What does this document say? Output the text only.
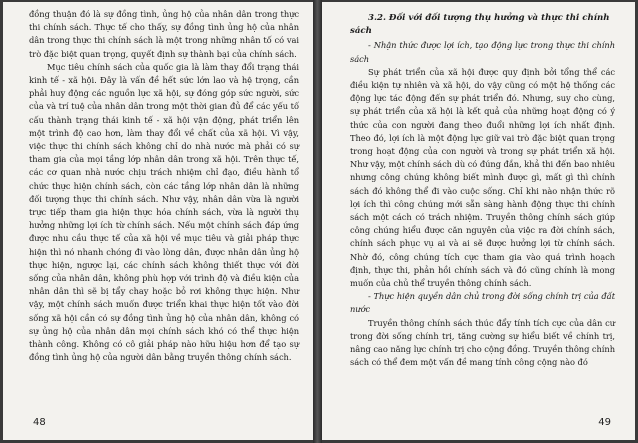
đồng thuận đó là sự đồng tình, ủng hộ của nhân dân trong thực thi chính sách. Thực tế cho thấy, sự đồng tình ủng hộ của nhân dân trong thực thi chính sách là một trong những nhân tố có vai trò đặc biệt quan trọng, quyết định sự thành bại của chính sách.

Mục tiêu chính sách của quốc gia là làm thay đổi trạng thái kinh tế - xã hội. Đây là vấn đề hết sức lớn lao và hệ trọng, cần phải huy động các nguồn lực xã hội, sự đóng góp sức người, sức của và trí tuệ của nhân dân trong một thời gian đủ để các yếu tố cấu thành trạng thái kinh tế - xã hội vận động, phát triển lên một trình độ cao hơn, làm thay đổi về chất của xã hội. Vì vậy, việc thực thi chính sách không chỉ do nhà nước mà phải có sự tham gia của mọi tầng lớp nhân dân trong xã hội. Trên thực tế, các cơ quan nhà nước chịu trách nhiệm chỉ đạo, điều hành tổ chức thực hiện chính sách, còn các tầng lớp nhân dân là những đối tượng thực thi chính sách. Như vậy, nhân dân vừa là người trực tiếp tham gia hiện thực hóa chính sách, vừa là người thụ hưởng những lợi ích từ chính sách. Nếu một chính sách đáp ứng được nhu cầu thực tế của xã hội về mục tiêu và giải pháp thực hiện thì nó nhanh chóng đi vào lòng dân, được nhân dân ủng hộ thực hiện, ngược lại, các chính sách không thiết thực với đời sống của nhân dân, không phù hợp với trình độ và điều kiện của nhân dân thì sẽ bị tẩy chay hoặc bỏ rơi không thực hiện. Như vậy, một chính sách muốn được triển khai thực hiện tốt vào đời sống xã hội cần có sự đồng tình ủng hộ của nhân dân, không có sự ủng hộ của nhân dân mọi chính sách khó có thể thực hiện thành công. Không có cô giải pháp nào hữu hiệu hơn để tạo sự đồng tình ủng hộ của người dân bằng truyền thông chính sách.

48

3.2. Đối với đối tượng thụ hưởng và thực thi chính sách

- Nhận thức được lợi ích, tạo động lực trong thực thi chính sách

Sự phát triển của xã hội được quy định bởi tổng thể các điều kiện tự nhiên và xã hội, do vậy cũng có một hệ thống các động lực tác động đến sự phát triển đó. Nhưng, suy cho cùng, sự phát triển của xã hội là kết quả của những hoạt động có ý thức của con người đang theo đuổi những lợi ích nhất định. Theo đó, lợi ích là một động lực giữ vai trò đặc biệt quan trọng trong hoạt động của con người và trong sự phát triển xã hội. Như vậy, một chính sách dù có đúng đắn, khả thi đến bao nhiêu nhưng công chúng không biết mình được gì, mất gì thì chính sách đó không thể đi vào cuộc sống. Chỉ khi nào nhận thức rõ lợi ích thì công chúng mới sẵn sàng hành động thực thi chính sách một cách có trách nhiệm. Truyền thông chính sách giúp công chúng hiểu được căn nguyên của việc ra đời chính sách, chính sách phục vụ ai và ai sẽ được hưởng lợi từ chính sách. Nhờ đó, công chúng tích cực tham gia vào quá trình hoạch định, thực thi, phản hồi chính sách và đó cũng chính là mong muốn của chủ thể truyền thông chính sách.

- Thực hiện quyền dân chủ trong đời sống chính trị của đất nước

Truyền thông chính sách thúc đẩy tính tích cực của dân cư trong đời sống chính trị, tăng cường sự hiểu biết về chính trị, nâng cao năng lực chính trị cho cộng đồng. Truyền thông chính sách có thể đem một vấn đề mang tính công cộng nào đó

49
